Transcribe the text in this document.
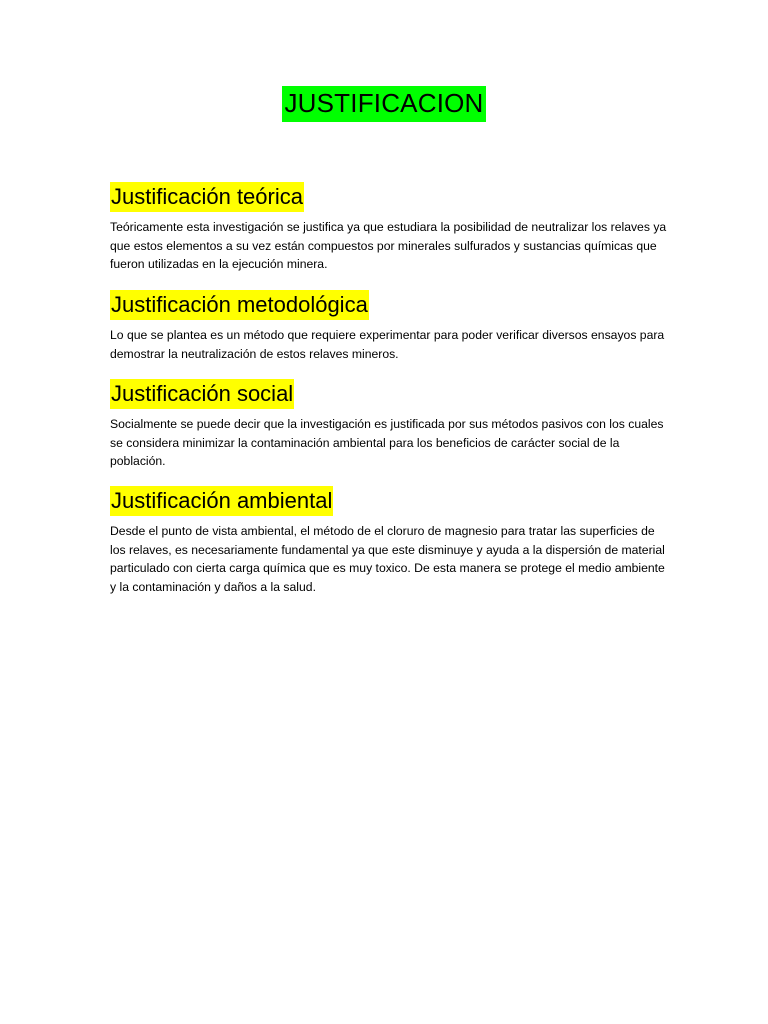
JUSTIFICACION
Justificación teórica

Teóricamente esta investigación se justifica ya que estudiara la posibilidad de neutralizar los relaves ya que estos elementos a su vez están compuestos por minerales sulfurados y sustancias químicas que fueron utilizadas en la ejecución minera.

Justificación metodológica

Lo que se plantea es un método que requiere experimentar para poder verificar diversos ensayos para demostrar la neutralización de estos relaves mineros.

Justificación social

Socialmente se puede decir que la investigación es justificada por sus métodos pasivos con los cuales se considera minimizar la contaminación ambiental para los beneficios de carácter social de la población.

Justificación ambiental

Desde el punto de vista ambiental, el método de el cloruro de magnesio para tratar las superficies de los relaves, es necesariamente fundamental ya que este disminuye y ayuda a la dispersión de material particulado con cierta carga química que es muy toxico. De esta manera se protege el medio ambiente y la contaminación y daños a la salud.
